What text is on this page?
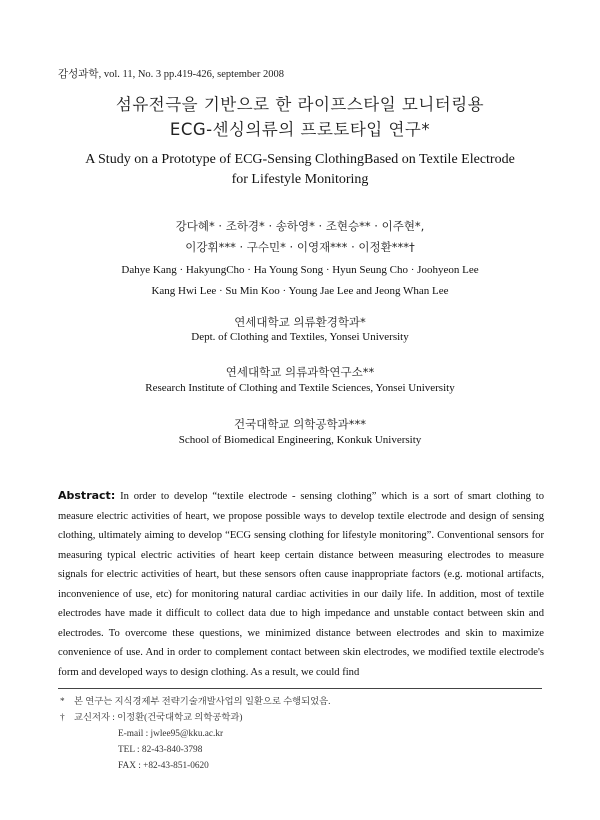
감성과학, vol. 11, No. 3 pp.419-426, september 2008
섬유전극을 기반으로 한 라이프스타일 모니터링용
ECG-센싱의류의 프로토타입 연구*
A Study on a Prototype of ECG-Sensing ClothingBased on Textile Electrode
for Lifestyle Monitoring
강다혜* · 조하경* · 송하영* · 조현승** · 이주현*,
이강휘*** · 구수민* · 이영재*** · 이정환***†
Dahye Kang · HakyungCho · Ha Young Song · Hyun Seung Cho · Joohyeon Lee
Kang Hwi Lee · Su Min Koo · Young Jae Lee and Jeong Whan Lee
연세대학교 의류환경학과*
Dept. of Clothing and Textiles, Yonsei University
연세대학교 의류과학연구소**
Research Institute of Clothing and Textile Sciences, Yonsei University
건국대학교 의학공학과***
School of Biomedical Engineering, Konkuk University
Abstract: In order to develop “textile electrode - sensing clothing” which is a sort of smart clothing to measure electric activities of heart, we propose possible ways to develop textile electrode and design of sensing clothing, ultimately aiming to develop “ECG sensing clothing for lifestyle monitoring”. Conventional sensors for measuring typical electric activities of heart keep certain distance between measuring electrodes to measure signals for electric activities of heart, but these sensors often cause inappropriate factors (e.g. motional artifacts, inconvenience of use, etc) for monitoring natural cardiac activities in our daily life. In addition, most of textile electrodes have made it difficult to collect data due to high impedance and unstable contact between skin and electrodes. To overcome these questions, we minimized distance between electrodes and skin to maximize convenience of use. And in order to complement contact between skin electrodes, we modified textile electrode's form and developed ways to design clothing. As a result, we could find
* 본 연구는 지식경제부 전략기술개발사업의 일환으로 수행되었음.
† 교신저자 : 이정환(건국대학교 의학공학과)
E-mail : jwlee95@kku.ac.kr
TEL : 82-43-840-3798
FAX : +82-43-851-0620
